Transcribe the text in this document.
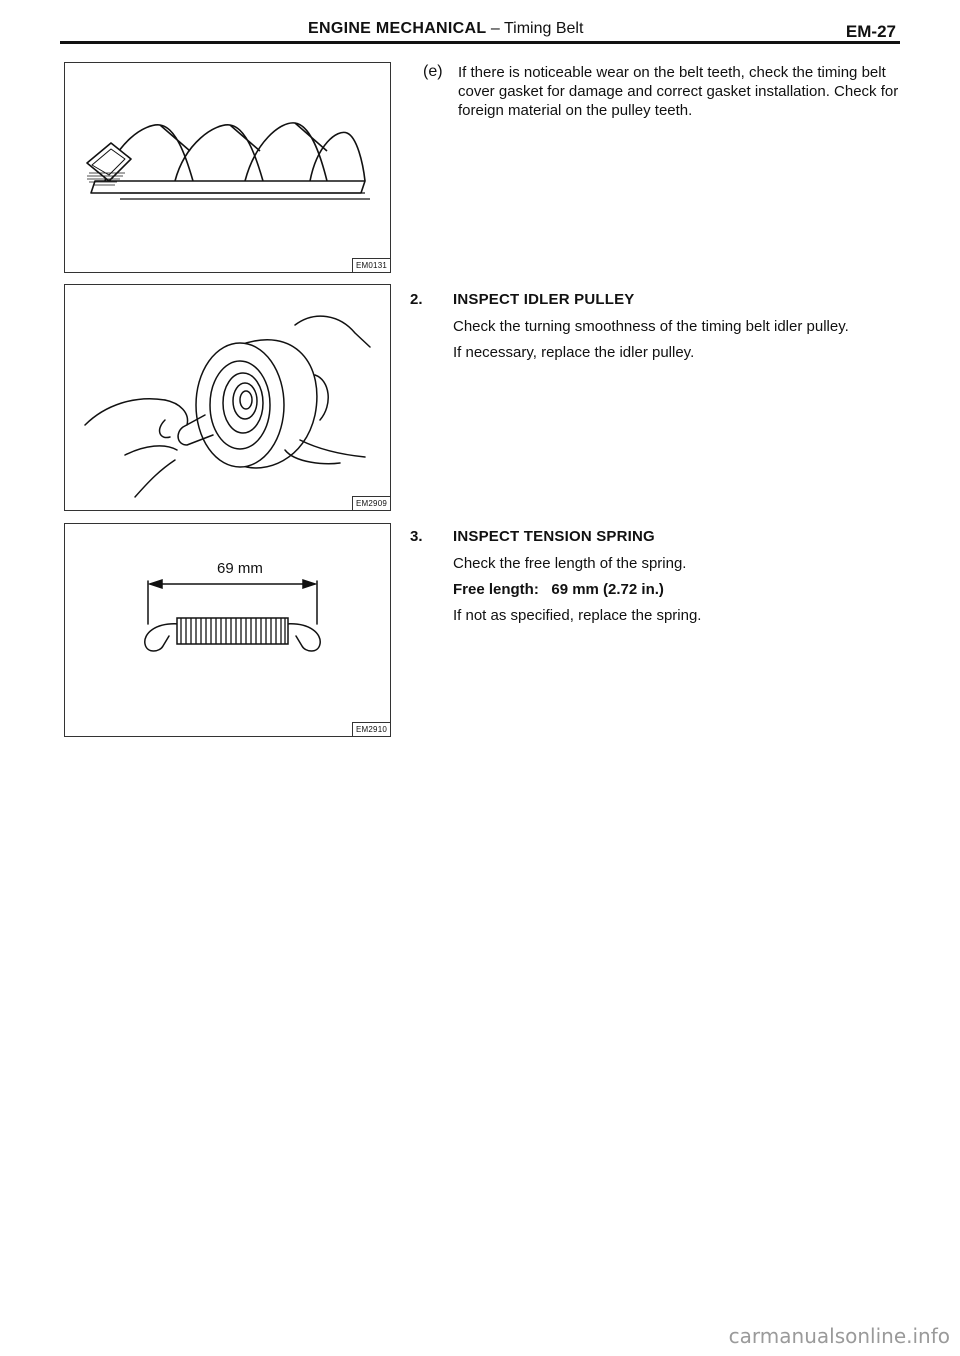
ENGINE MECHANICAL – Timing Belt	EM-27
EM0131
EM2909
69 mm
EM2910
(e) If there is noticeable wear on the belt teeth, check the timing belt cover gasket for damage and correct gasket installation. Check for foreign material on the pulley teeth.

2. INSPECT IDLER PULLEY
Check the turning smoothness of the timing belt idler pulley.
If necessary, replace the idler pulley.
3. INSPECT TENSION SPRING
Check the free length of the spring.
Free length: 69 mm (2.72 in.)
If not as specified, replace the spring.
carmanualsonline.info
